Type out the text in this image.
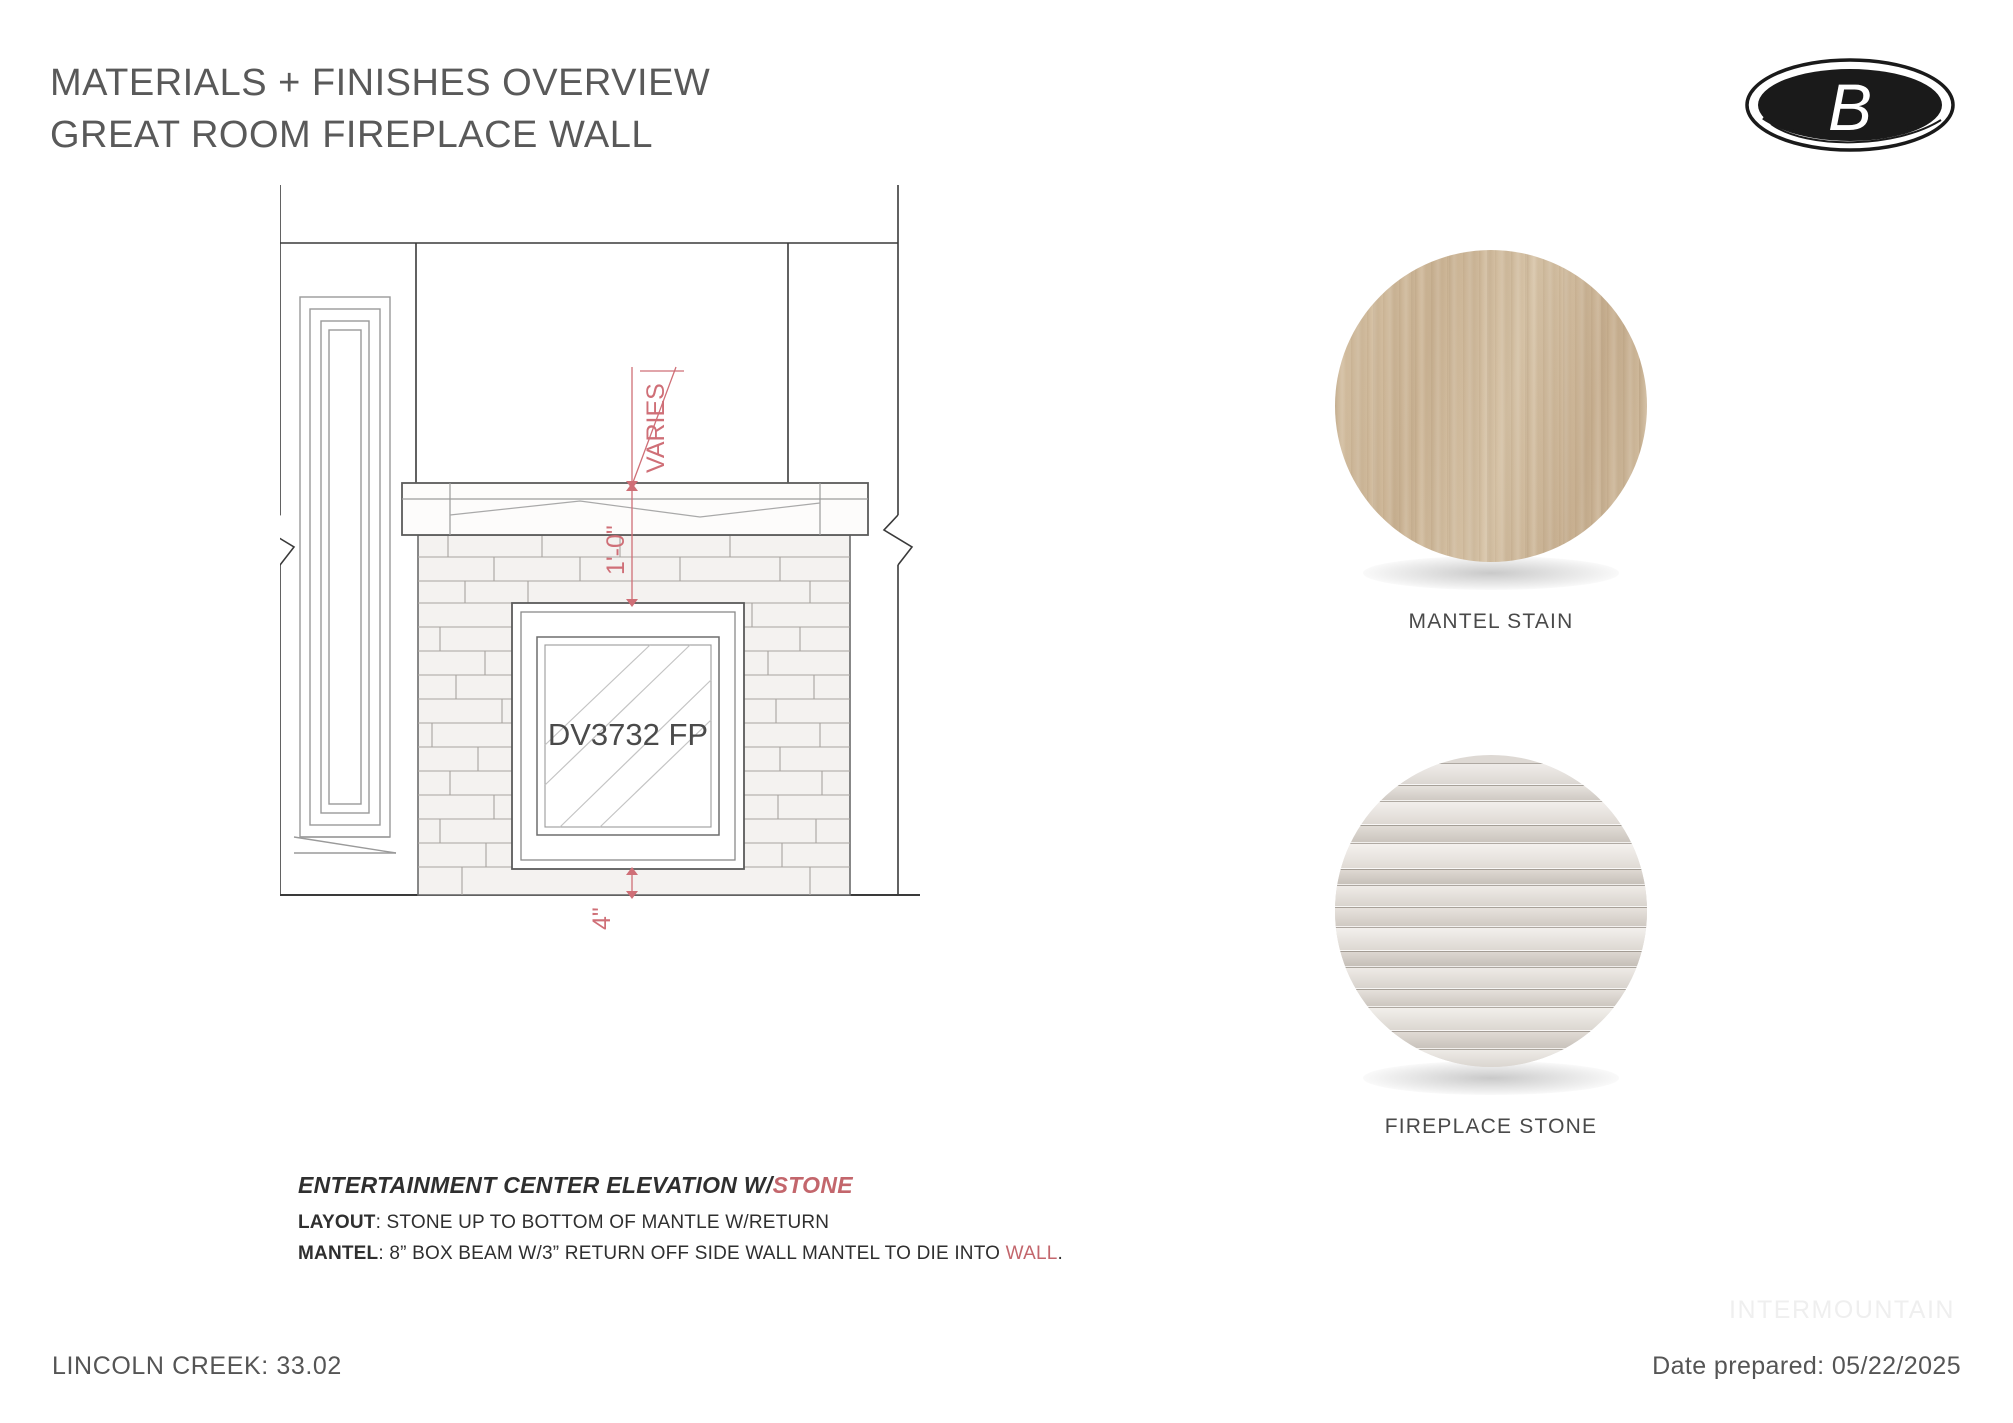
MATERIALS + FINISHES OVERVIEW
GREAT ROOM FIREPLACE WALL	B
DV3732 FP
VARIES
1'-0"
4"
ENTERTAINMENT CENTER ELEVATION W/STONE
LAYOUT: STONE UP TO BOTTOM OF MANTLE W/RETURN
MANTEL: 8” BOX BEAM W/3” RETURN OFF SIDE WALL MANTEL TO DIE INTO WALL.
MANTEL STAIN
FIREPLACE STONE
INTERMOUNTAIN
LINCOLN CREEK: 33.02	Date prepared: 05/22/2025
